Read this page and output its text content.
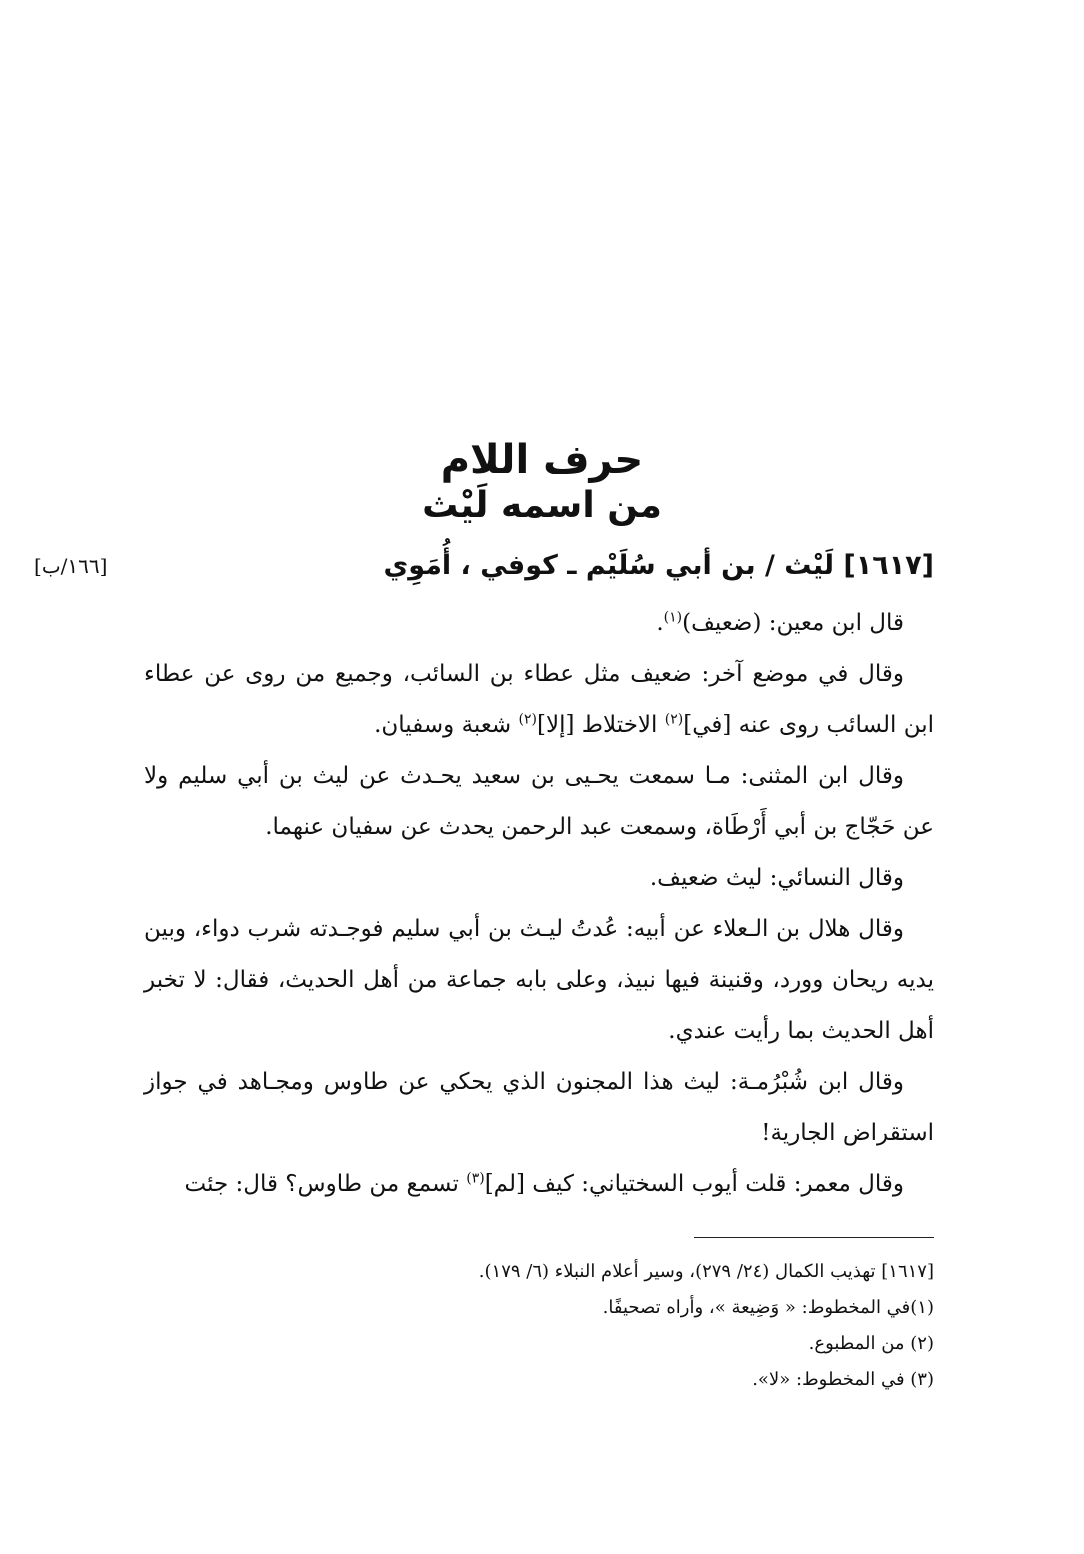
حرف اللام
من اسمه لَيْث
[١٦١٧] لَيْث / بن أبي سُلَيْم ـ كوفي ، أُمَوِي
[١٦٦/ب]

قال ابن معين: (ضعيف)$^{(١)}$.

وقال في موضع آخر: ضعيف مثل عطاء بن السائب، وجميع من روى عن عطاء ابن السائب روى عنه [في]$^{(٢)}$ الاختلاط [إلا]$^{(٢)}$ شعبة وسفيان.

وقال ابن المثنى: مـا سمعت يحـيى بن سعيد يحـدث عن ليث بن أبي سليم ولا عن حَجّاج بن أبي أَرْطَاة، وسمعت عبد الرحمن يحدث عن سفيان عنهما.

وقال النسائي: ليث ضعيف.

وقال هلال بن الـعلاء عن أبيه: عُدتُ ليـث بن أبي سليم فوجـدته شرب دواء، وبين يديه ريحان وورد، وقنينة فيها نبيذ، وعلى بابه جماعة من أهل الحديث، فقال: لا تخبر أهل الحديث بما رأيت عندي.

وقال ابن شُبْرُمـة: ليث هذا المجنون الذي يحكي عن طاوس ومجـاهد في جواز استقراض الجارية!

وقال معمر: قلت أيوب السختياني: كيف [لم]$^{(٣)}$ تسمع من طاوس؟ قال: جئت

[١٦١٧] تهذيب الكمال (٢٤/ ٢٧٩)، وسير أعلام النبلاء (٦/ ١٧٩).
(١)في المخطوط: « وَضِيعة »، وأراه تصحيفًا.
(٢) من المطبوع.
(٣) في المخطوط: «لا».
